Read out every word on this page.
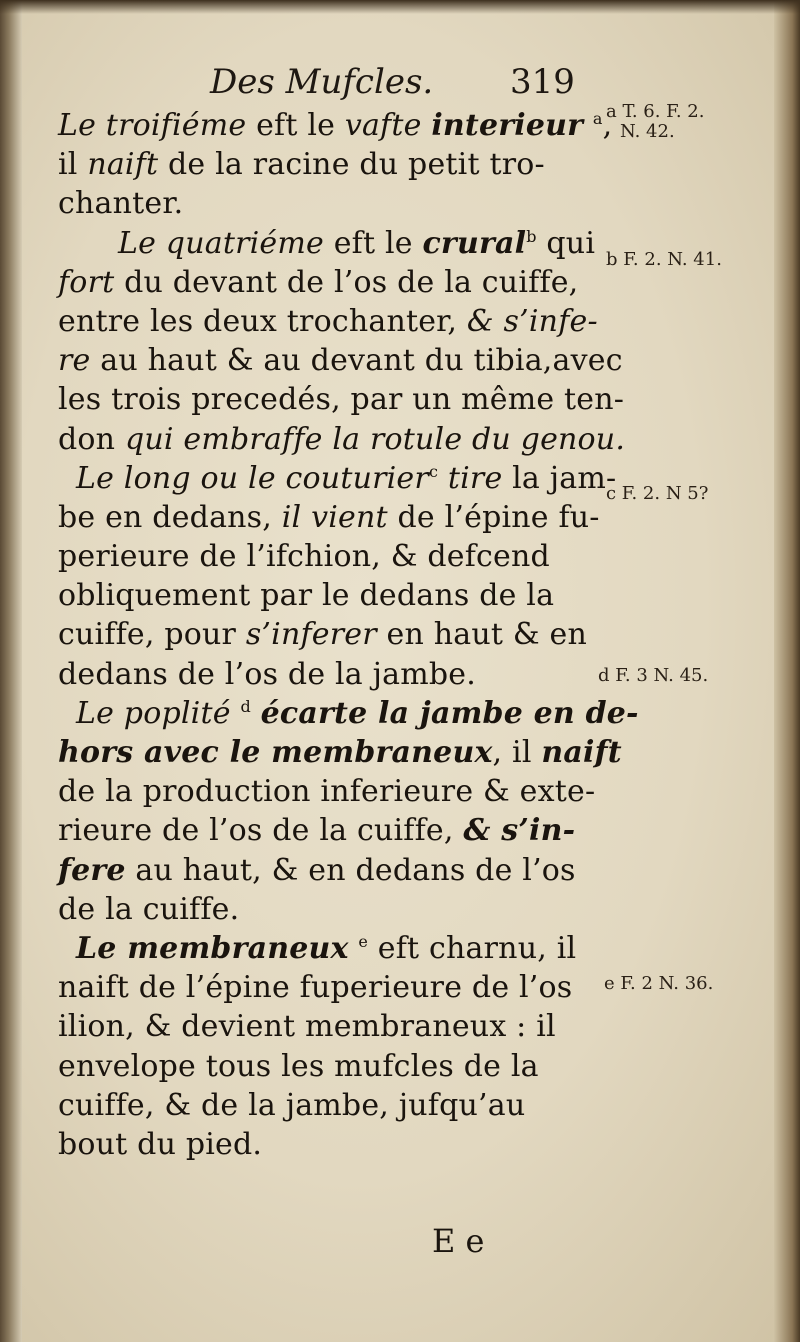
Des Mufcles. 319
Le troifiéme eft le vafte interieur $^a$,
il naift de la racine du petit tro-
chanter.
Le quatriéme eft le crural$^b$ qui
fort du devant de l’os de la cuiffe,
entre les deux trochanter, & s’infe-
re au haut & au devant du tibia,avec
les trois precedés, par un même ten-
don qui embraffe la rotule du genou.
Le long ou le couturier$^c$ tire la jam-
be en dedans, il vient de l’épine fu-
perieure de l’ifchion, & defcend
obliquement par le dedans de la
cuiffe, pour s’inferer en haut & en
dedans de l’os de la jambe.
Le poplité $^d$ écarte la jambe en de-
hors avec le membraneux, il naift
de la production inferieure & exte-
rieure de l’os de la cuiffe, & s’in-
fere au haut, & en dedans de l’os
de la cuiffe.
Le membraneux $^e$ eft charnu, il
naift de l’épine fuperieure de l’os
ilion, & devient membraneux : il
envelope tous les mufcles de la
cuiffe, & de la jambe, jufqu’au
bout du pied.
a T. 6. F. 2.
N. 42.
b F. 2. N. 41.
c F. 2. N 5?
d F. 3 N. 45.
e F. 2 N. 36.
E e
